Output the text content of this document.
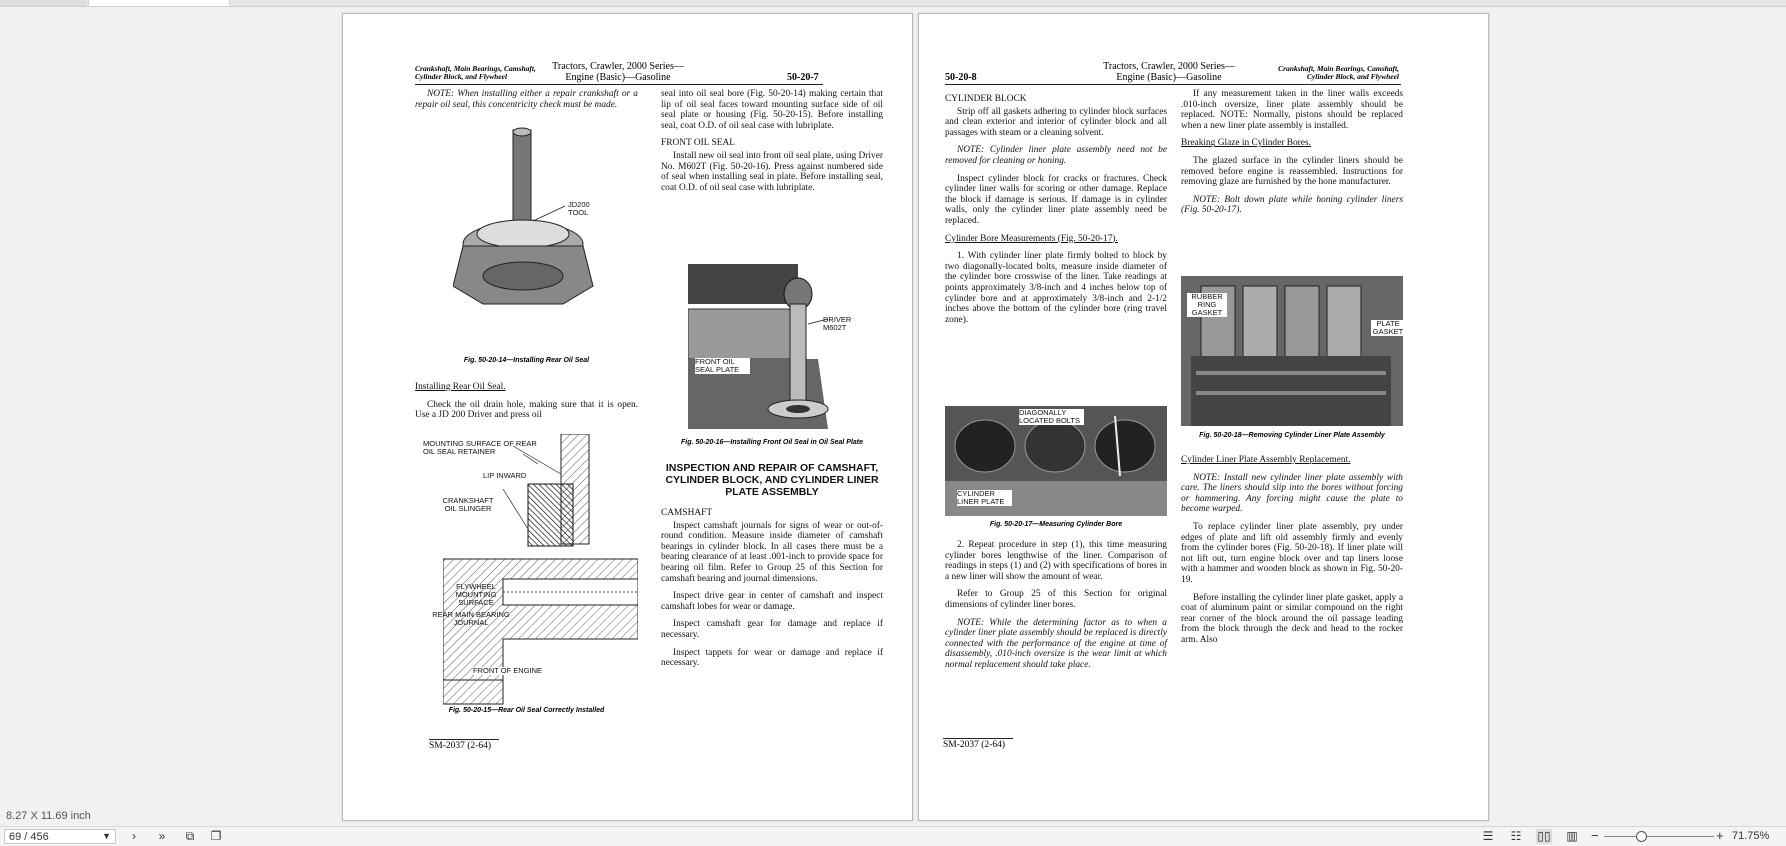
Crankshaft, Main Bearings, Camshaft, Cylinder Block, and Flywheel
Tractors, Crawler, 2000 Series—
Engine (Basic)—Gasoline	50-20-7

NOTE: When installing either a repair crankshaft or a repair oil seal, this concentricity check must be made.

JD200 TOOL
Fig. 50-20-14—Installing Rear Oil Seal

Installing Rear Oil Seal.

Check the oil drain hole, making sure that it is open. Use a JD 200 Driver and press oil

MOUNTING SURFACE OF REAR OIL SEAL RETAINER
LIP INWARD
CRANKSHAFT OIL SLINGER
FLYWHEEL MOUNTING SURFACE
REAR MAIN BEARING JOURNAL
FRONT OF ENGINE
Fig. 50-20-15—Rear Oil Seal Correctly Installed

seal into oil seal bore (Fig. 50-20-14) making certain that lip of oil seal faces toward mounting surface side of oil seal plate or housing (Fig. 50-20-15). Before installing seal, coat O.D. of oil seal case with lubriplate.

FRONT OIL SEAL

Install new oil seal into front oil seal plate, using Driver No. M602T (Fig. 50-20-16). Press against numbered side of seal when installing seal in plate. Before installing seal, coat O.D. of oil seal case with lubriplate.

DRIVER M602T
FRONT OIL SEAL PLATE
Fig. 50-20-16—Installing Front Oil Seal in Oil Seal Plate

INSPECTION AND REPAIR OF CAMSHAFT, CYLINDER BLOCK, AND CYLINDER LINER PLATE ASSEMBLY

CAMSHAFT

Inspect camshaft journals for signs of wear or out-of-round condition. Measure inside diameter of camshaft bearings in cylinder block. In all cases there must be a bearing clearance of at least .001-inch to provide space for bearing oil film. Refer to Group 25 of this Section for camshaft bearing and journal dimensions.

Inspect drive gear in center of camshaft and inspect camshaft lobes for wear or damage.

Inspect camshaft gear for damage and replace if necessary.

Inspect tappets for wear or damage and replace if necessary.

SM-2037 (2-64)
50-20-8
Tractors, Crawler, 2000 Series—
Engine (Basic)—Gasoline
Crankshaft, Main Bearings, Camshaft, Cylinder Block, and Flywheel

CYLINDER BLOCK

Strip off all gaskets adhering to cylinder block surfaces and clean exterior and interior of cylinder block and all passages with steam or a cleaning solvent.

NOTE: Cylinder liner plate assembly need not be removed for cleaning or honing.

Inspect cylinder block for cracks or fractures. Check cylinder liner walls for scoring or other damage. Replace the block if damage is serious. If damage is in cylinder walls, only the cylinder liner plate assembly need be replaced.

Cylinder Bore Measurements (Fig. 50-20-17).

1. With cylinder liner plate firmly bolted to block by two diagonally-located bolts, measure inside diameter of the cylinder bore crosswise of the liner. Take readings at points approximately 3/8-inch and 4 inches below top of cylinder bore and at approximately 3/8-inch and 2-1/2 inches above the bottom of the cylinder bore (ring travel zone).

DIAGONALLY LOCATED BOLTS
CYLINDER LINER PLATE
Fig. 50-20-17—Measuring Cylinder Bore

2. Repeat procedure in step (1), this time measuring cylinder bores lengthwise of the liner. Comparison of readings in steps (1) and (2) with specifications of bores in a new liner will show the amount of wear.

Refer to Group 25 of this Section for original dimensions of cylinder liner bores.

NOTE: While the determining factor as to when a cylinder liner plate assembly should be replaced is directly connected with the performance of the engine at time of disassembly, .010-inch oversize is the wear limit at which normal replacement should take place.

If any measurement taken in the liner walls exceeds .010-inch oversize, liner plate assembly should be replaced. NOTE: Normally, pistons should be replaced when a new liner plate assembly is installed.

Breaking Glaze in Cylinder Bores.

The glazed surface in the cylinder liners should be removed before engine is reassembled. Instructions for removing glaze are furnished by the hone manufacturer.

NOTE: Bolt down plate while honing cylinder liners (Fig. 50-20-17).

RUBBER RING GASKET
PLATE GASKET
Fig. 50-20-18—Removing Cylinder Liner Plate Assembly

Cylinder Liner Plate Assembly Replacement.

NOTE: Install new cylinder liner plate assembly with care. The liners should slip into the bores without forcing or hammering. Any forcing might cause the plate to become warped.

To replace cylinder liner plate assembly, pry under edges of plate and lift old assembly firmly and evenly from the cylinder bores (Fig. 50-20-18). If liner plate will not lift out, turn engine block over and tap liners loose with a hammer and wooden block as shown in Fig. 50-20-19.

Before installing the cylinder liner plate gasket, apply a coat of aluminum paint or similar compound on the right rear corner of the block around the oil passage leading from the block through the deck and head to the rocker arm. Also

SM-2037 (2-64)
8.27 X 11.69 inch
69 / 456	▼	›	»	⧉	❐	☰ ☷ ▯▯ ▥ −	+ 71.75%
